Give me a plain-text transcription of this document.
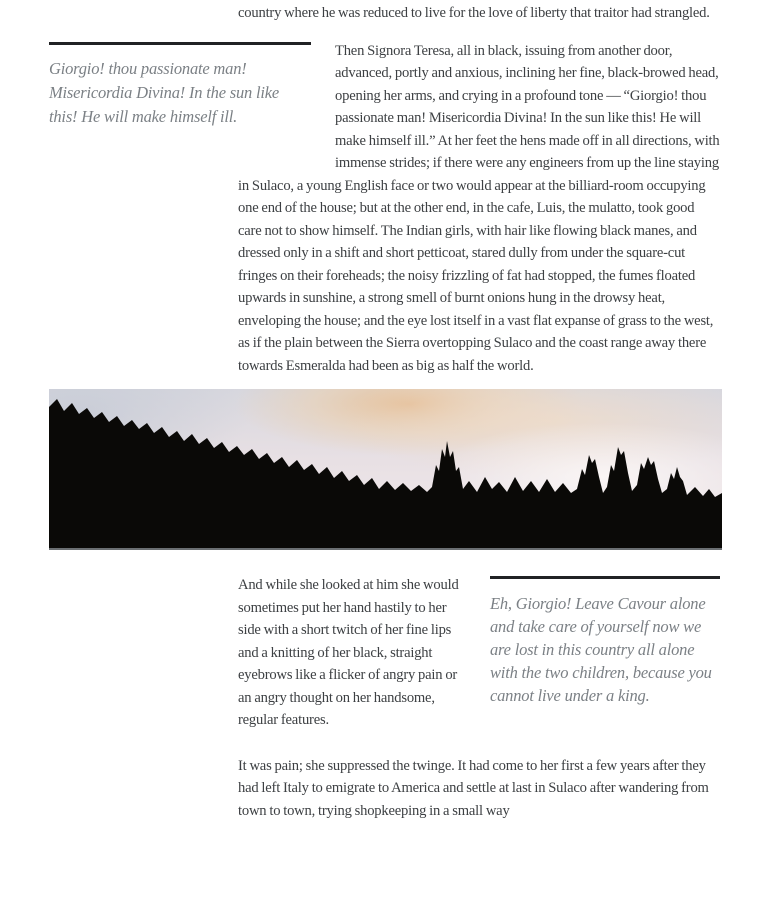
country where he was reduced to live for the love of liberty that traitor had strangled.

Giorgio! thou passionate man! Misericordia Divina! In the sun like this! He will make himself ill.

Then Signora Teresa, all in black, issuing from another door, advanced, portly and anxious, inclining her fine, black-browed head, opening her arms, and crying in a profound tone — “Giorgio! thou passionate man! Misericordia Divina! In the sun like this! He will make himself ill.” At her feet the hens made off in all directions, with immense strides; if there were any engineers from up the line staying in Sulaco, a young English face or two would appear at the billiard-room occupying one end of the house; but at the other end, in the cafe, Luis, the mulatto, took good care not to show himself. The Indian girls, with hair like flowing black manes, and dressed only in a shift and short petticoat, stared dully from under the square-cut fringes on their foreheads; the noisy frizzling of fat had stopped, the fumes floated upwards in sunshine, a strong smell of burnt onions hung in the drowsy heat, enveloping the house; and the eye lost itself in a vast flat expanse of grass to the west, as if the plain between the Sierra overtopping Sulaco and the coast range away there towards Esmeralda had been as big as half the world.

Eh, Giorgio! Leave Cavour alone and take care of yourself now we are lost in this country all alone with the two children, because you cannot live under a king.

And while she looked at him she would sometimes put her hand hastily to her side with a short twitch of her fine lips and a knitting of her black, straight eyebrows like a flicker of angry pain or an angry thought on her handsome, regular features.

It was pain; she suppressed the twinge. It had come to her first a few years after they had left Italy to emigrate to America and settle at last in Sulaco after wandering from town to town, trying shopkeeping in a small way
